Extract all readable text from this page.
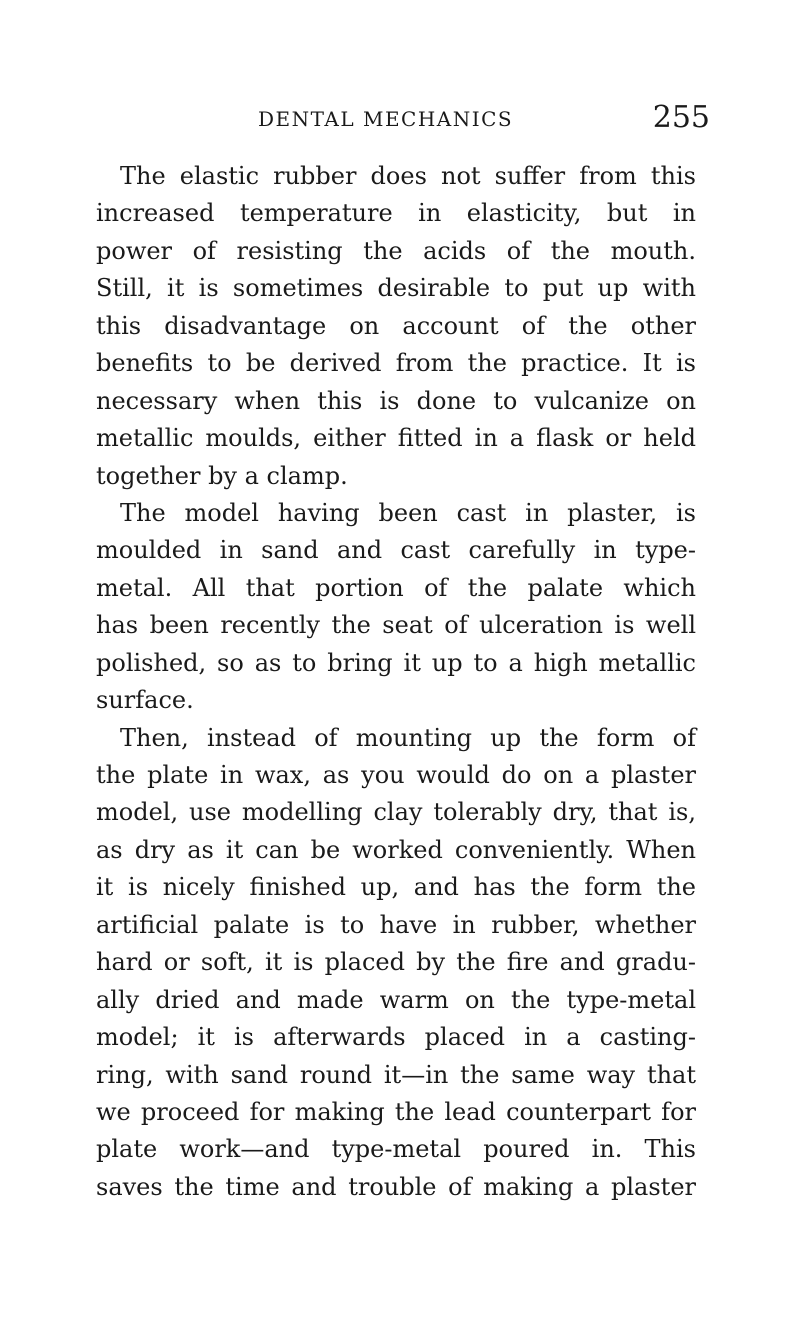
DENTAL MECHANICS	255
The elastic rubber does not suffer from this
increased temperature in elasticity, but in
power of resisting the acids of the mouth.
Still, it is sometimes desirable to put up with
this disadvantage on account of the other
benefits to be derived from the practice. It is
necessary when this is done to vulcanize on
metallic moulds, either fitted in a flask or held
together by a clamp.
The model having been cast in plaster, is
moulded in sand and cast carefully in type-
metal. All that portion of the palate which
has been recently the seat of ulceration is well
polished, so as to bring it up to a high metallic
surface.
Then, instead of mounting up the form of
the plate in wax, as you would do on a plaster
model, use modelling clay tolerably dry, that is,
as dry as it can be worked conveniently. When
it is nicely finished up, and has the form the
artificial palate is to have in rubber, whether
hard or soft, it is placed by the fire and gradu-
ally dried and made warm on the type-metal
model; it is afterwards placed in a casting-
ring, with sand round it—in the same way that
we proceed for making the lead counterpart for
plate work—and type-metal poured in. This
saves the time and trouble of making a plaster
